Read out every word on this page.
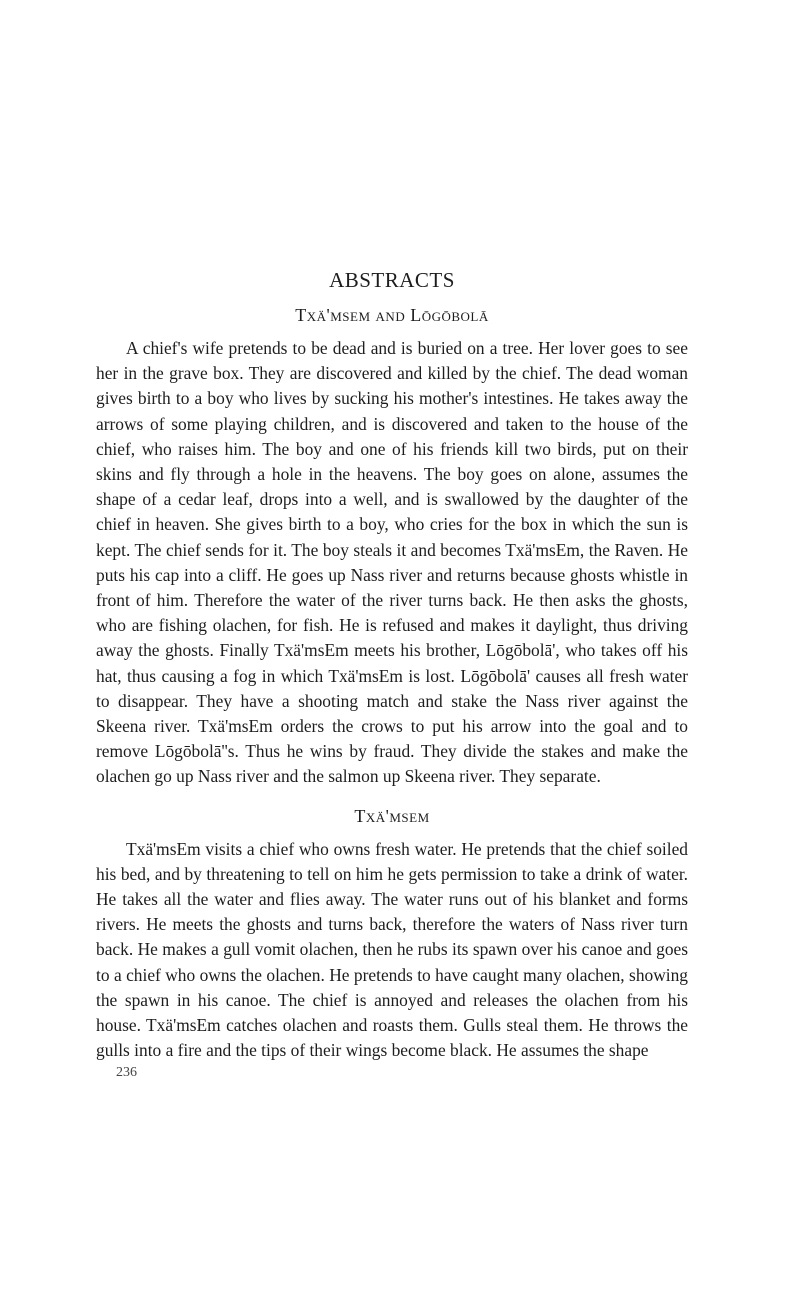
ABSTRACTS
Txä'msem and Lōgōbolā

A chief's wife pretends to be dead and is buried on a tree. Her lover goes to see her in the grave box. They are discovered and killed by the chief. The dead woman gives birth to a boy who lives by sucking his mother's intestines. He takes away the arrows of some playing children, and is discovered and taken to the house of the chief, who raises him. The boy and one of his friends kill two birds, put on their skins and fly through a hole in the heavens. The boy goes on alone, assumes the shape of a cedar leaf, drops into a well, and is swallowed by the daughter of the chief in heaven. She gives birth to a boy, who cries for the box in which the sun is kept. The chief sends for it. The boy steals it and becomes Txä'msEm, the Raven. He puts his cap into a cliff. He goes up Nass river and returns because ghosts whistle in front of him. Therefore the water of the river turns back. He then asks the ghosts, who are fishing olachen, for fish. He is refused and makes it daylight, thus driving away the ghosts. Finally Txä'msEm meets his brother, Lōgōbolā', who takes off his hat, thus causing a fog in which Txä'msEm is lost. Lōgōbolā' causes all fresh water to disappear. They have a shooting match and stake the Nass river against the Skeena river. Txä'msEm orders the crows to put his arrow into the goal and to remove Lōgōbolā''s. Thus he wins by fraud. They divide the stakes and make the olachen go up Nass river and the salmon up Skeena river. They separate.

Txä'msem

Txä'msEm visits a chief who owns fresh water. He pretends that the chief soiled his bed, and by threatening to tell on him he gets permission to take a drink of water. He takes all the water and flies away. The water runs out of his blanket and forms rivers. He meets the ghosts and turns back, therefore the waters of Nass river turn back. He makes a gull vomit olachen, then he rubs its spawn over his canoe and goes to a chief who owns the olachen. He pretends to have caught many olachen, showing the spawn in his canoe. The chief is annoyed and releases the olachen from his house. Txä'msEm catches olachen and roasts them. Gulls steal them. He throws the gulls into a fire and the tips of their wings become black. He assumes the shape

236
